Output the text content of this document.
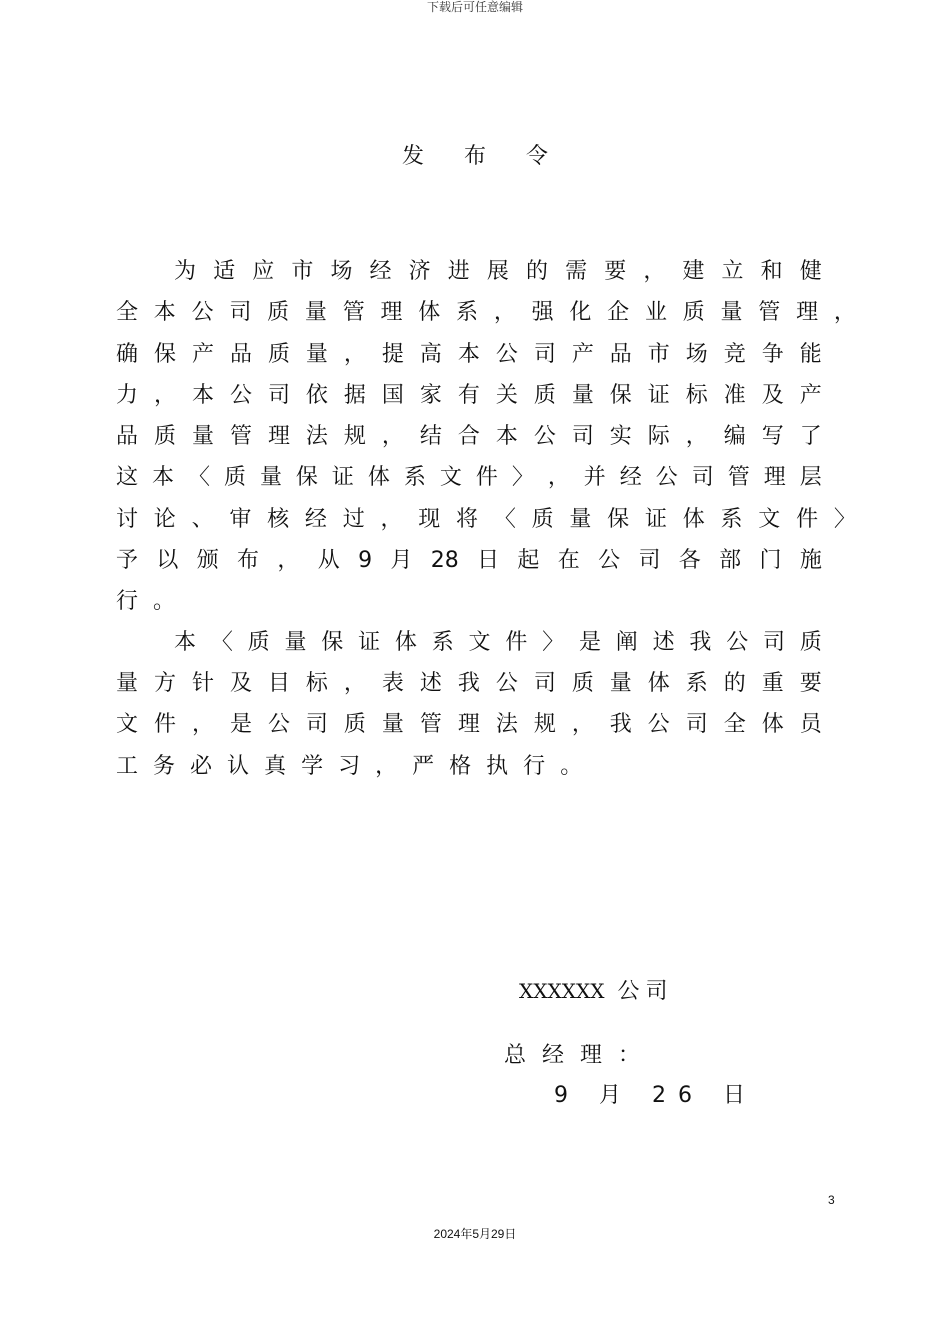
下载后可任意编辑
发布令
为 适 应 市 场 经 济 进 展 的 需 要 ， 建 立 和 健
全 本 公 司 质 量 管 理 体 系 ， 强 化 企 业 质 量 管 理 ，
确 保 产 品 质 量 ， 提 高 本 公 司 产 品 市 场 竞 争 能
力 ， 本 公 司 依 据 国 家 有 关 质 量 保 证 标 准 及 产
品 质 量 管 理 法 规 ， 结 合 本 公 司 实 际 ， 编 写 了
这 本 〈 质 量 保 证 体 系 文 件 〉 ， 并 经 公 司 管 理 层
讨 论 、 审 核 经 过 ， 现 将 〈 质 量 保 证 体 系 文 件 〉
予 以 颁 布 ， 从 9 月 28 日 起 在 公 司 各 部 门 施
行 。
本 〈 质 量 保 证 体 系 文 件 〉 是 阐 述 我 公 司 质
量 方 针 及 目 标 ， 表 述 我 公 司 质 量 体 系 的 重 要
文 件 ， 是 公 司 质 量 管 理 法 规 ， 我 公 司 全 体 员
工 务 必 认 真 学 习 ， 严 格 执 行 。
XXXXXX 公司
总经理：
9 月 26 日
3
2024年5月29日
